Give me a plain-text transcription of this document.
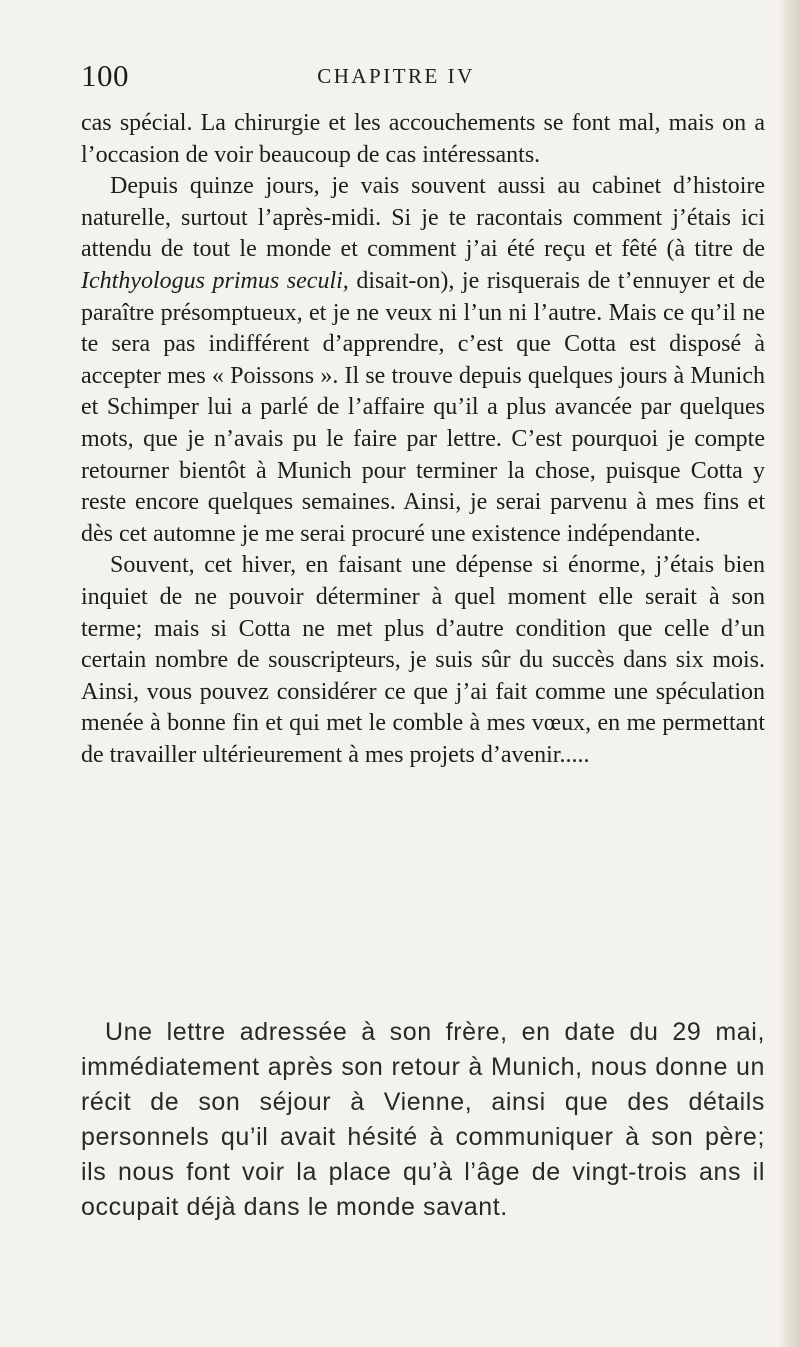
100	CHAPITRE IV

cas spécial. La chirurgie et les accouchements se font mal, mais on a l’occasion de voir beaucoup de cas intéressants.

Depuis quinze jours, je vais souvent aussi au cabinet d’histoire naturelle, surtout l’après-midi. Si je te racontais comment j’étais ici attendu de tout le monde et comment j’ai été reçu et fêté (à titre de Ichthyologus primus seculi, disait-on), je risquerais de t’ennuyer et de paraître présomptueux, et je ne veux ni l’un ni l’autre. Mais ce qu’il ne te sera pas indifférent d’apprendre, c’est que Cotta est disposé à accepter mes « Poissons ». Il se trouve depuis quelques jours à Munich et Schimper lui a parlé de l’affaire qu’il a plus avancée par quelques mots, que je n’avais pu le faire par lettre. C’est pourquoi je compte retourner bientôt à Munich pour terminer la chose, puisque Cotta y reste encore quelques semaines. Ainsi, je serai parvenu à mes fins et dès cet automne je me serai procuré une existence indépendante.

Souvent, cet hiver, en faisant une dépense si énorme, j’étais bien inquiet de ne pouvoir déterminer à quel moment elle serait à son terme; mais si Cotta ne met plus d’autre condition que celle d’un certain nombre de souscripteurs, je suis sûr du succès dans six mois. Ainsi, vous pouvez considérer ce que j’ai fait comme une spéculation menée à bonne fin et qui met le comble à mes vœux, en me permettant de travailler ultérieurement à mes projets d’avenir.....

Une lettre adressée à son frère, en date du 29 mai, immédiatement après son retour à Munich, nous donne un récit de son séjour à Vienne, ainsi que des détails personnels qu’il avait hésité à communiquer à son père; ils nous font voir la place qu’à l’âge de vingt-trois ans il occupait déjà dans le monde savant.
